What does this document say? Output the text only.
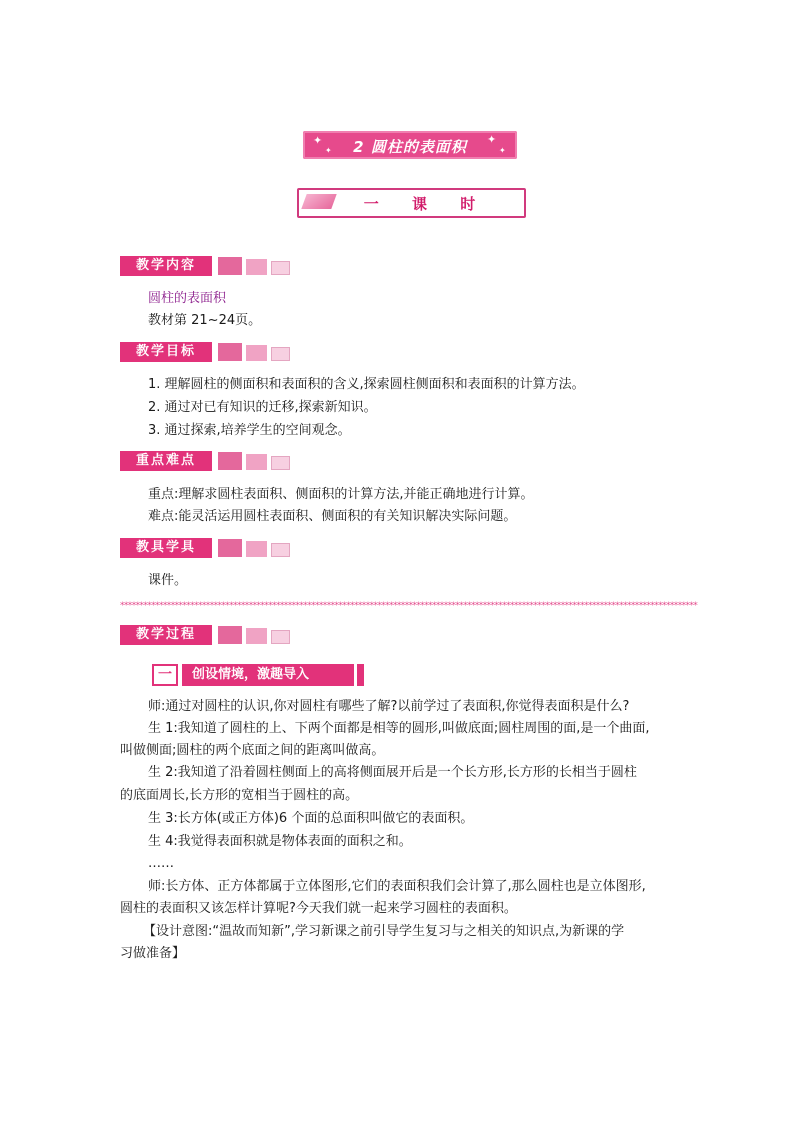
✦
✦
✦
✦
2 圆柱的表面积
一 课 时
教学内容
圆柱的表面积
教材第 21~24页。
教学目标
1. 理解圆柱的侧面积和表面积的含义,探索圆柱侧面积和表面积的计算方法。
2. 通过对已有知识的迁移,探索新知识。
3. 通过探索,培养学生的空间观念。
重点难点
重点:理解求圆柱表面积、侧面积的计算方法,并能正确地进行计算。
难点:能灵活运用圆柱表面积、侧面积的有关知识解决实际问题。
教具学具
课件。
****************************************************************************************************************************************************
教学过程
一	创设情境，激趣导入
师:通过对圆柱的认识,你对圆柱有哪些了解?以前学过了表面积,你觉得表面积是什么?
生 1:我知道了圆柱的上、下两个面都是相等的圆形,叫做底面;圆柱周围的面,是一个曲面,
叫做侧面;圆柱的两个底面之间的距离叫做高。
生 2:我知道了沿着圆柱侧面上的高将侧面展开后是一个长方形,长方形的长相当于圆柱
的底面周长,长方形的宽相当于圆柱的高。
生 3:长方体(或正方体)6 个面的总面积叫做它的表面积。
生 4:我觉得表面积就是物体表面的面积之和。
……
师:长方体、正方体都属于立体图形,它们的表面积我们会计算了,那么圆柱也是立体图形,
圆柱的表面积又该怎样计算呢?今天我们就一起来学习圆柱的表面积。
【设计意图:“温故而知新”,学习新课之前引导学生复习与之相关的知识点,为新课的学
习做准备】
